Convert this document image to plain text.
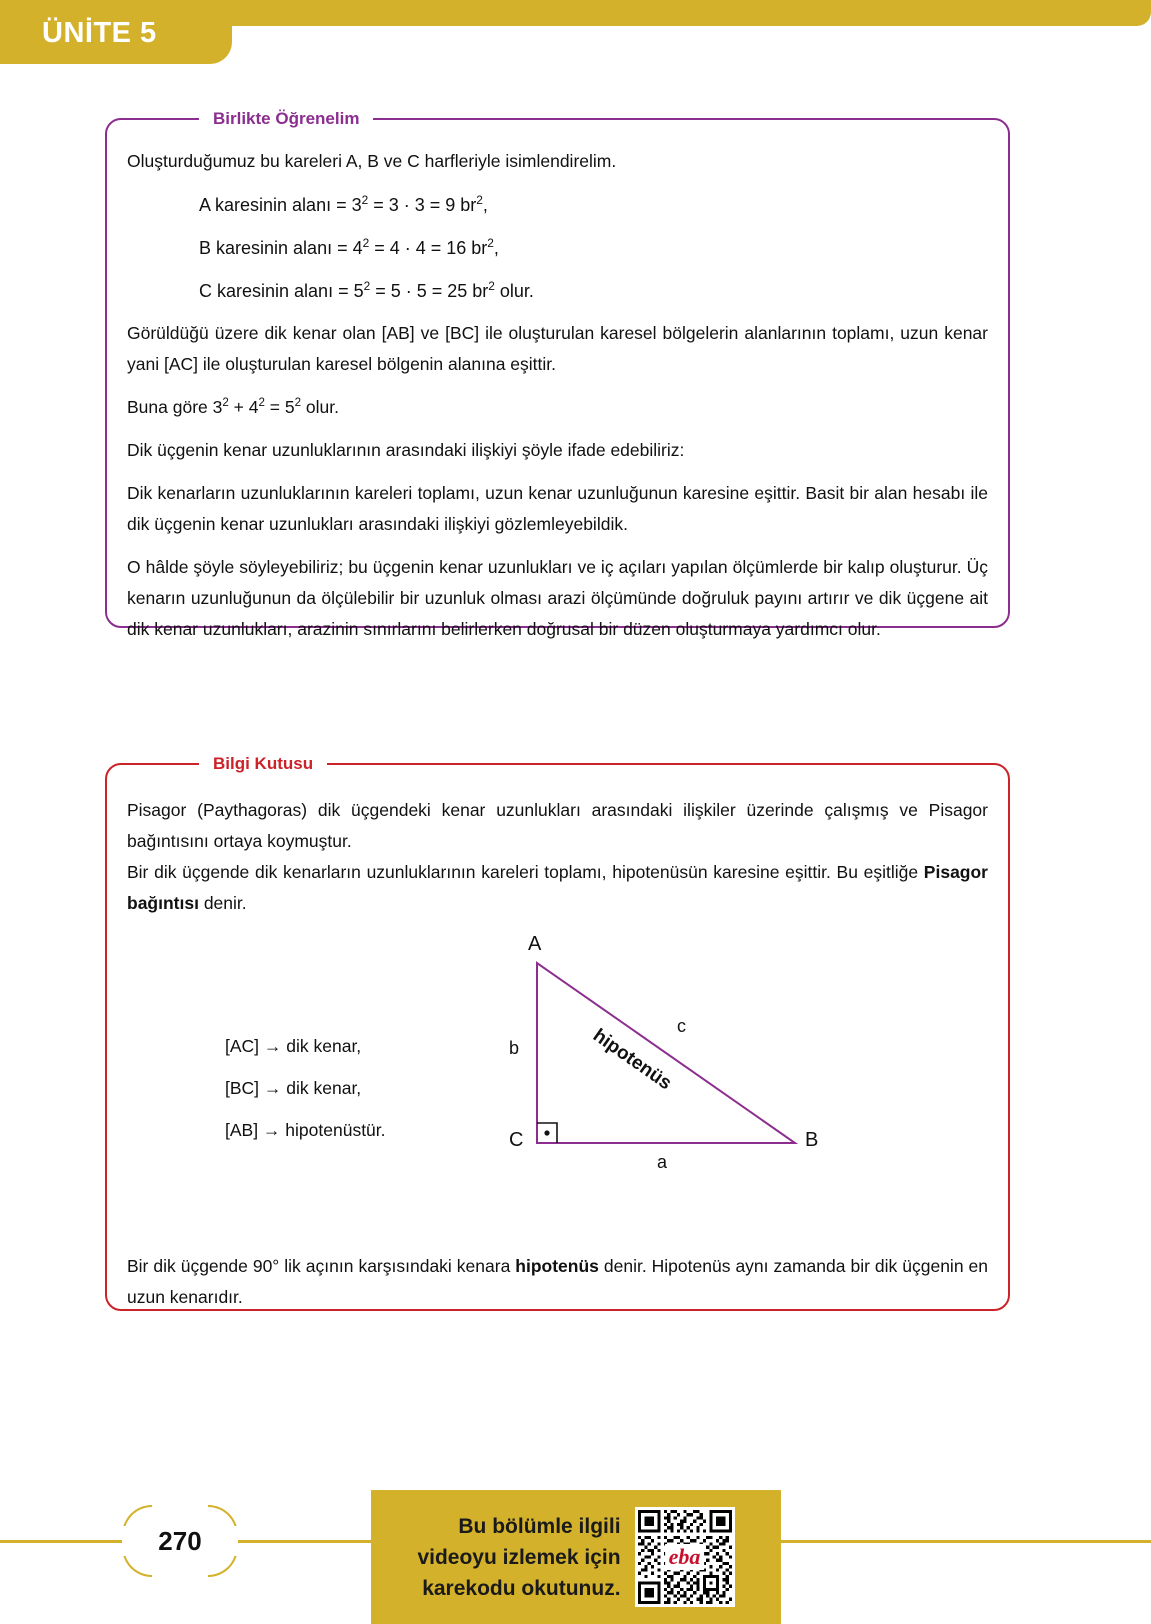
ÜNİTE 5
Birlikte Öğrenelim

Oluşturduğumuz bu kareleri A, B ve C harfleriyle isimlendirelim.

A karesinin alanı = $3^2 = 3 \cdot 3 = 9$ $br^2$,
B karesinin alanı = $4^2 = 4 \cdot 4 = 16$ $br^2$,
C karesinin alanı = $5^2 = 5 \cdot 5 = 25$ $br^2$ olur.

Görüldüğü üzere dik kenar olan [AB] ve [BC] ile oluşturulan karesel bölgelerin alanlarının toplamı, uzun kenar yani [AC] ile oluşturulan karesel bölgenin alanına eşittir.

Buna göre $3^2 + 4^2 = 5^2$ olur.

Dik üçgenin kenar uzunluklarının arasındaki ilişkiyi şöyle ifade edebiliriz:

Dik kenarların uzunluklarının kareleri toplamı, uzun kenar uzunluğunun karesine eşittir. Basit bir alan hesabı ile dik üçgenin kenar uzunlukları arasındaki ilişkiyi gözlemleyebildik.

O hâlde şöyle söyleyebiliriz; bu üçgenin kenar uzunlukları ve iç açıları yapılan ölçümlerde bir kalıp oluşturur. Üç kenarın uzunluğunun da ölçülebilir bir uzunluk olması arazi ölçümünde doğruluk payını artırır ve dik üçgene ait dik kenar uzunlukları, arazinin sınırlarını belirlerken doğrusal bir düzen oluşturmaya yardımcı olur.

Bilgi Kutusu

Pisagor (Paythagoras) dik üçgendeki kenar uzunlukları arasındaki ilişkiler üzerinde çalışmış ve Pisagor bağıntısını ortaya koymuştur.

Bir dik üçgende dik kenarların uzunluklarının kareleri toplamı, hipotenüsün karesine eşittir. Bu eşitliğe Pisagor bağıntısı denir.

[AC] → dik kenar,
[BC] → dik kenar,
[AB] → hipotenüstür.
A
B
C
a
b
c
hipotenüs

Bir dik üçgende 90° lik açının karşısındaki kenara hipotenüs denir. Hipotenüs aynı zamanda bir dik üçgenin en uzun kenarıdır.

270	Bu bölümle ilgili
videoyu izlemek için
karekodu okutunuz.
eba
